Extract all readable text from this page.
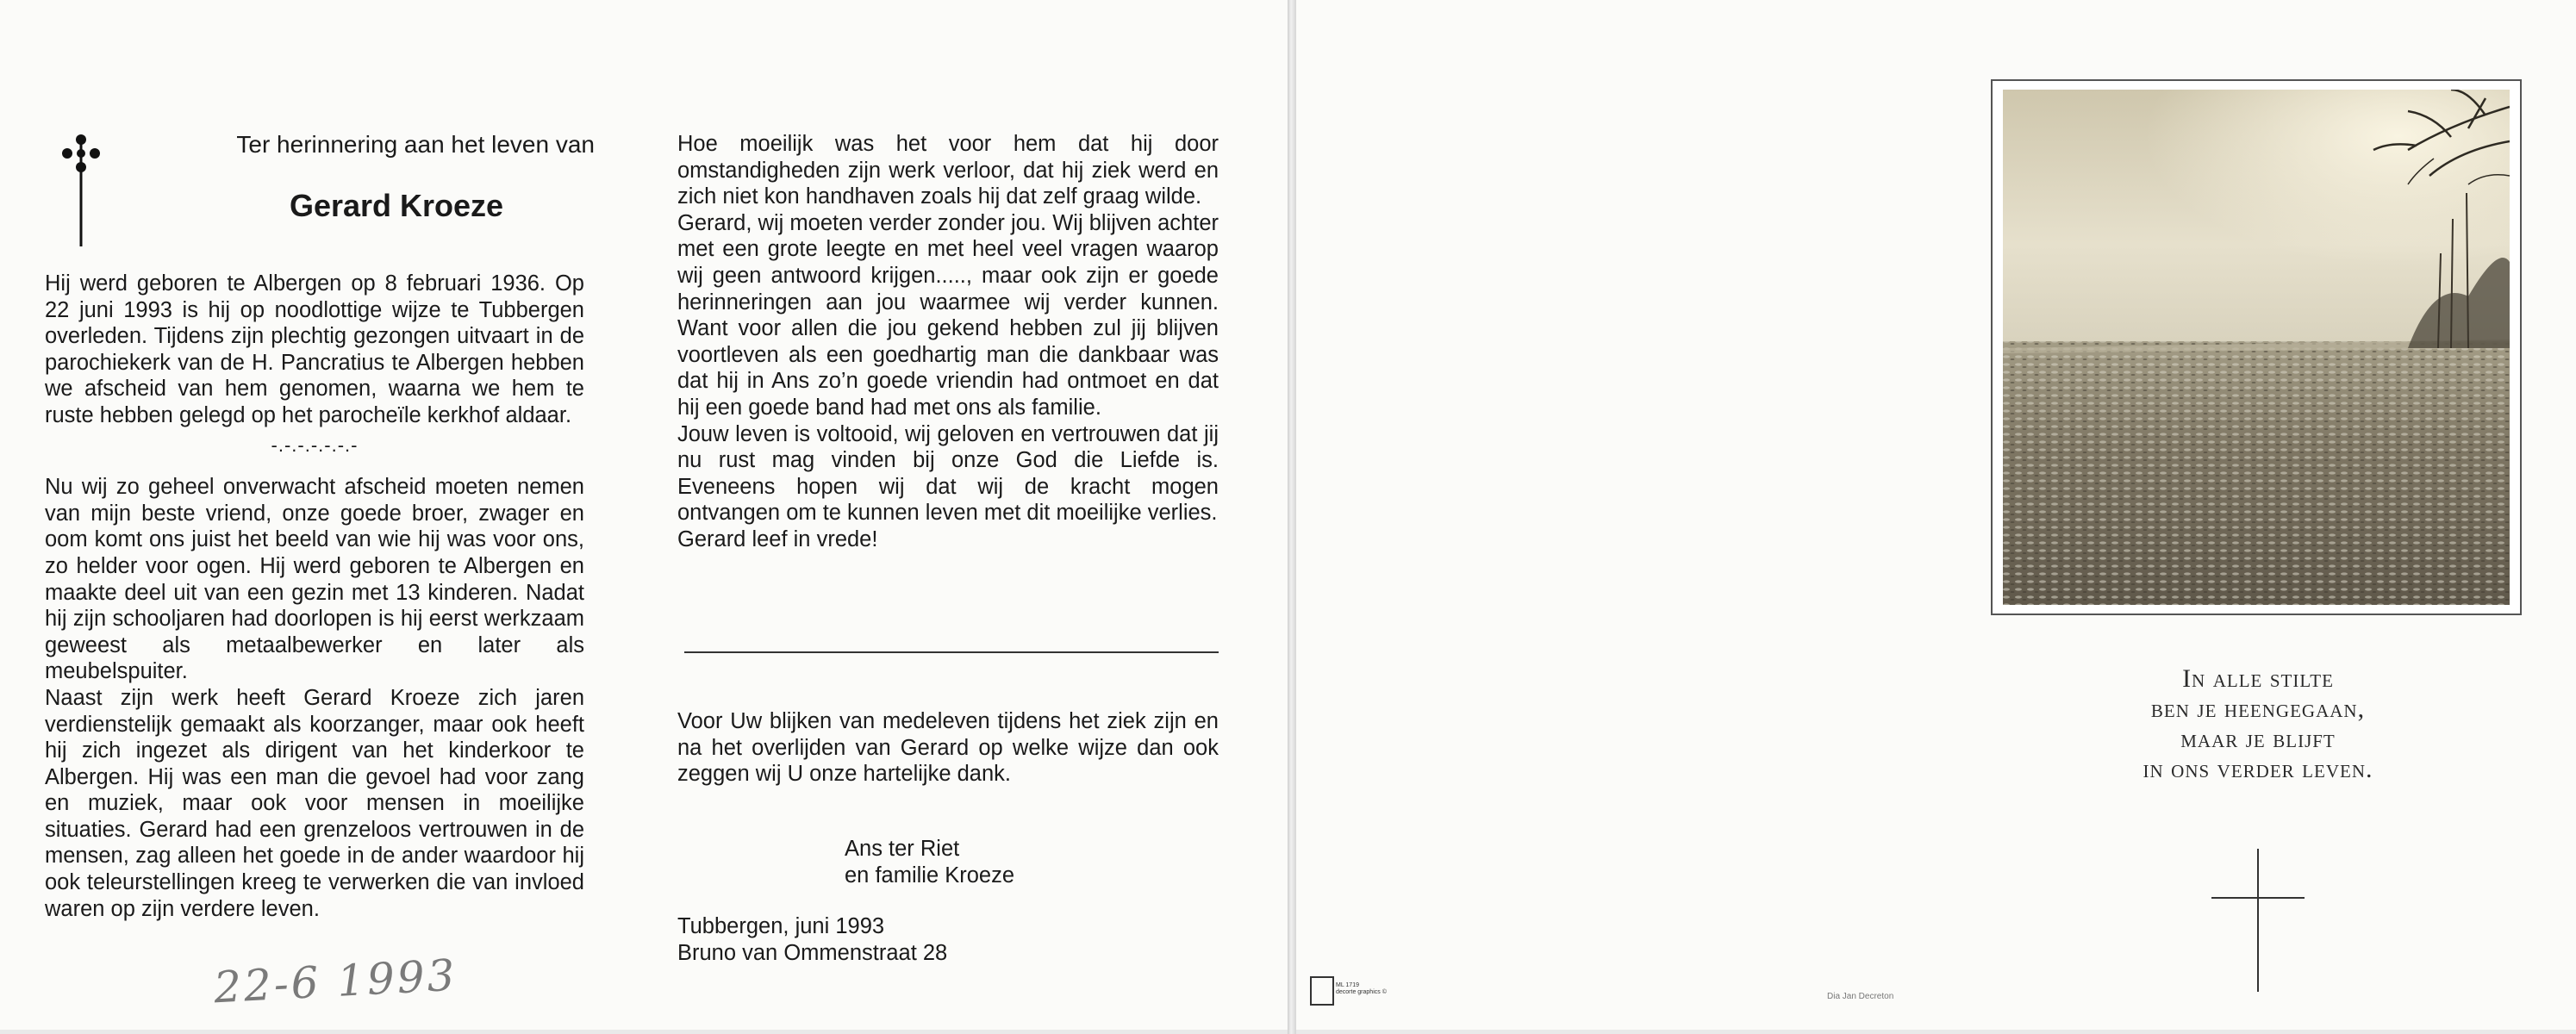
Ter herinnering aan het leven van
Gerard Kroeze

Hij werd geboren te Albergen op 8 februari 1936. Op 22 juni 1993 is hij op noodlottige wijze te Tubbergen overleden. Tijdens zijn plechtig gezongen uitvaart in de parochiekerk van de H. Pancratius te Albergen hebben we afscheid van hem genomen, waarna we hem te ruste hebben gelegd op het parocheïle kerkhof aldaar.

-.-.-.-.-.-.-

Nu wij zo geheel onverwacht afscheid moeten nemen van mijn beste vriend, onze goede broer, zwager en oom komt ons juist het beeld van wie hij was voor ons, zo helder voor ogen. Hij werd geboren te Albergen en maakte deel uit van een gezin met 13 kinderen. Nadat hij zijn schooljaren had doorlopen is hij eerst werkzaam geweest als metaalbewerker en later als meubelspuiter.

Naast zijn werk heeft Gerard Kroeze zich jaren verdienstelijk gemaakt als koorzanger, maar ook heeft hij zich ingezet als dirigent van het kinderkoor te Albergen. Hij was een man die gevoel had voor zang en muziek, maar ook voor mensen in moeilijke situaties. Gerard had een grenzeloos vertrouwen in de mensen, zag alleen het goede in de ander waardoor hij ook teleurstellingen kreeg te verwerken die van invloed waren op zijn verdere leven.

Hoe moeilijk was het voor hem dat hij door omstandigheden zijn werk verloor, dat hij ziek werd en zich niet kon handhaven zoals hij dat zelf graag wilde.

Gerard, wij moeten verder zonder jou. Wij blijven achter met een grote leegte en met heel veel vragen waarop wij geen antwoord krijgen....., maar ook zijn er goede herinneringen aan jou waarmee wij verder kunnen. Want voor allen die jou gekend hebben zul jij blijven voortleven als een goedhartig man die dankbaar was dat hij in Ans zo’n goede vriendin had ontmoet en dat hij een goede band had met ons als familie.

Jouw leven is voltooid, wij geloven en vertrouwen dat jij nu rust mag vinden bij onze God die Liefde is. Eveneens hopen wij dat wij de kracht mogen ontvangen om te kunnen leven met dit moeilijke verlies.

Gerard leef in vrede!

Voor Uw blijken van medeleven tijdens het ziek zijn en na het overlijden van Gerard op welke wijze dan ook zeggen wij U onze hartelijke dank.
Ans ter Riet
en familie Kroeze
Tubbergen, juni 1993
Bruno van Ommenstraat 28
22-6 1993
In alle stilte
ben je heengegaan,
maar je blijft
in ons verder leven.
ML 1719
decorte graphics ©	Dia Jan Decreton
